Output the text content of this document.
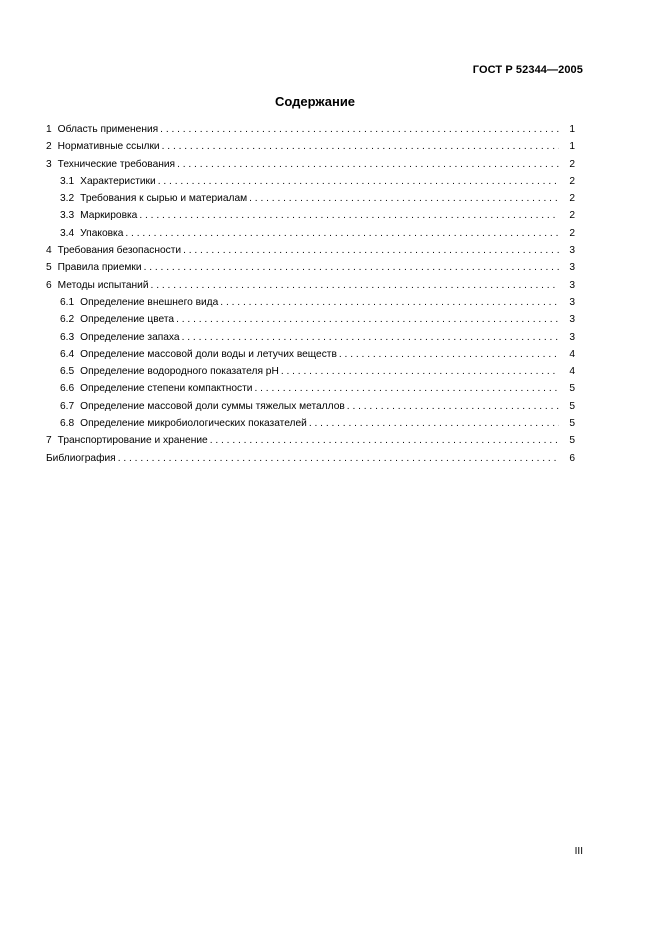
ГОСТ Р 52344—2005
Содержание
1 Область применения . . .	1
2 Нормативные ссылки . . .	1
3 Технические требования . . .	2
3.1 Характеристики . . .	2
3.2 Требования к сырью и материалам . . .	2
3.3 Маркировка . . .	2
3.4 Упаковка . . .	2
4 Требования безопасности . . .	3
5 Правила приемки . . .	3
6 Методы испытаний . . .	3
6.1 Определение внешнего вида . . .	3
6.2 Определение цвета . . .	3
6.3 Определение запаха . . .	3
6.4 Определение массовой доли воды и летучих веществ . . .	4
6.5 Определение водородного показателя pH . . .	4
6.6 Определение степени компактности . . .	5
6.7 Определение массовой доли суммы тяжелых металлов . . .	5
6.8 Определение микробиологических показателей . . .	5
7 Транспортирование и хранение . . .	5
Библиография . . .	6
III
